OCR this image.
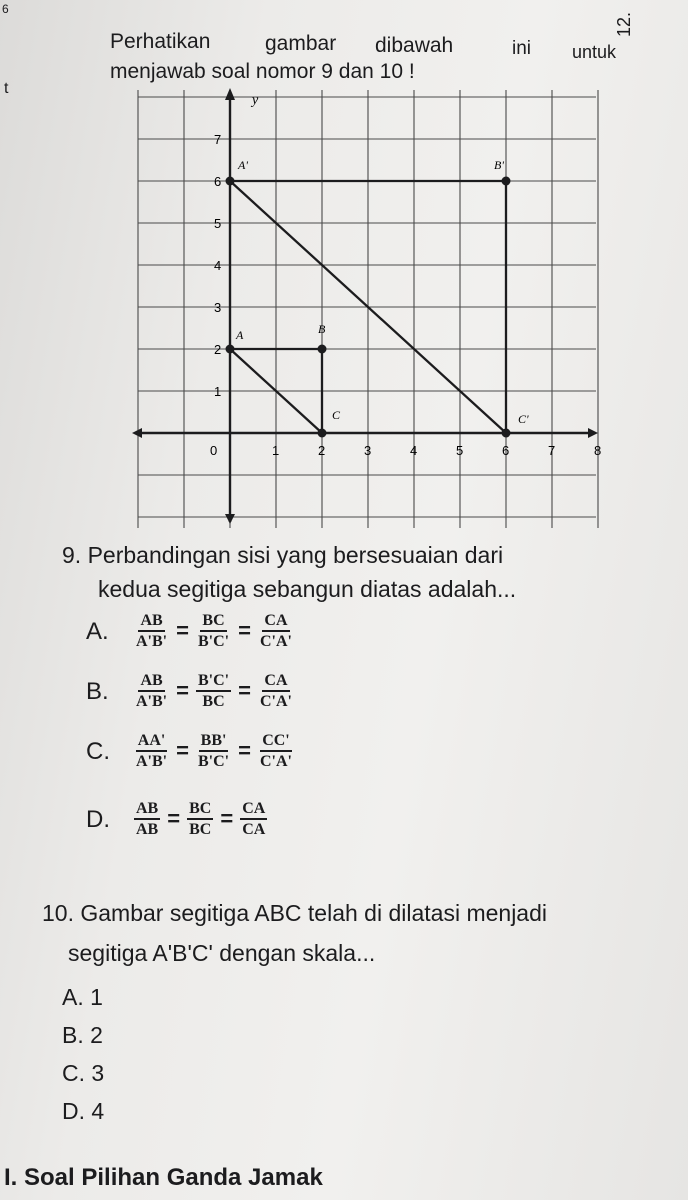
6
12.
t
Perhatikan	gambar dibawah	ini untuk
menjawab soal nomor 9 dan 10 !
y
0	1	2	3	4	5	6	7	8
1
2
3
4
5
6
7
A	B
C
A'	B'
C'
9. Perbandingan sisi yang bersesuaian dari
kedua segitiga sebangun diatas adalah...
A. $\frac{AB}{A'B'} = \frac{BC}{B'C'} = \frac{CA}{C'A'}$
B. $\frac{AB}{A'B'} = \frac{B'C'}{BC} = \frac{CA}{C'A'}$
C. $\frac{AA'}{A'B'} = \frac{BB'}{B'C'} = \frac{CC'}{C'A'}$
D. $\frac{AB}{AB} = \frac{BC}{BC} = \frac{CA}{CA}$
10. Gambar segitiga ABC telah di dilatasi menjadi
segitiga A'B'C' dengan skala...
A. 1
B. 2
C. 3
D. 4
I. Soal Pilihan Ganda Jamak
